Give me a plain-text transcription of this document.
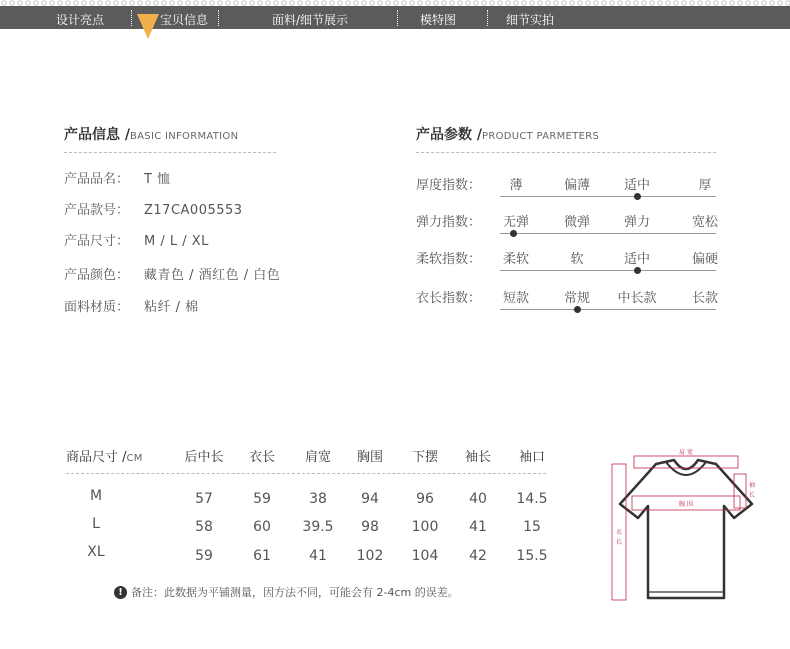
设计亮点	宝贝信息	面料/细节展示	模特图	细节实拍
产品信息 /BASIC INFORMATION
产品品名： T 恤
产品款号： Z17CA005553
产品尺寸： M / L / XL
产品颜色： 藏青色 / 酒红色 / 白色
面料材质： 粘纤 / 棉
产品参数 /PRODUCT PARMETERS
厚度指数： 薄	偏薄	适中	厚
弹力指数： 无弹	微弹	弹力	宽松
柔软指数： 柔软	软	适中	偏硬
衣长指数： 短款	常规 中长款	长款
商品尺寸 /CM	后中长 衣长 肩宽 胸围 下摆 袖长 袖口
M	57	59	38 94	96	40 14.5
L	58	60 39.5 98 100 41	15
XL	59	61	41 102 104 42 15.5
! 备注：此数据为平铺测量，因方法不同，可能会有 2-4cm 的误差。
肩 宽
胸 围
袖
长
衣
长
